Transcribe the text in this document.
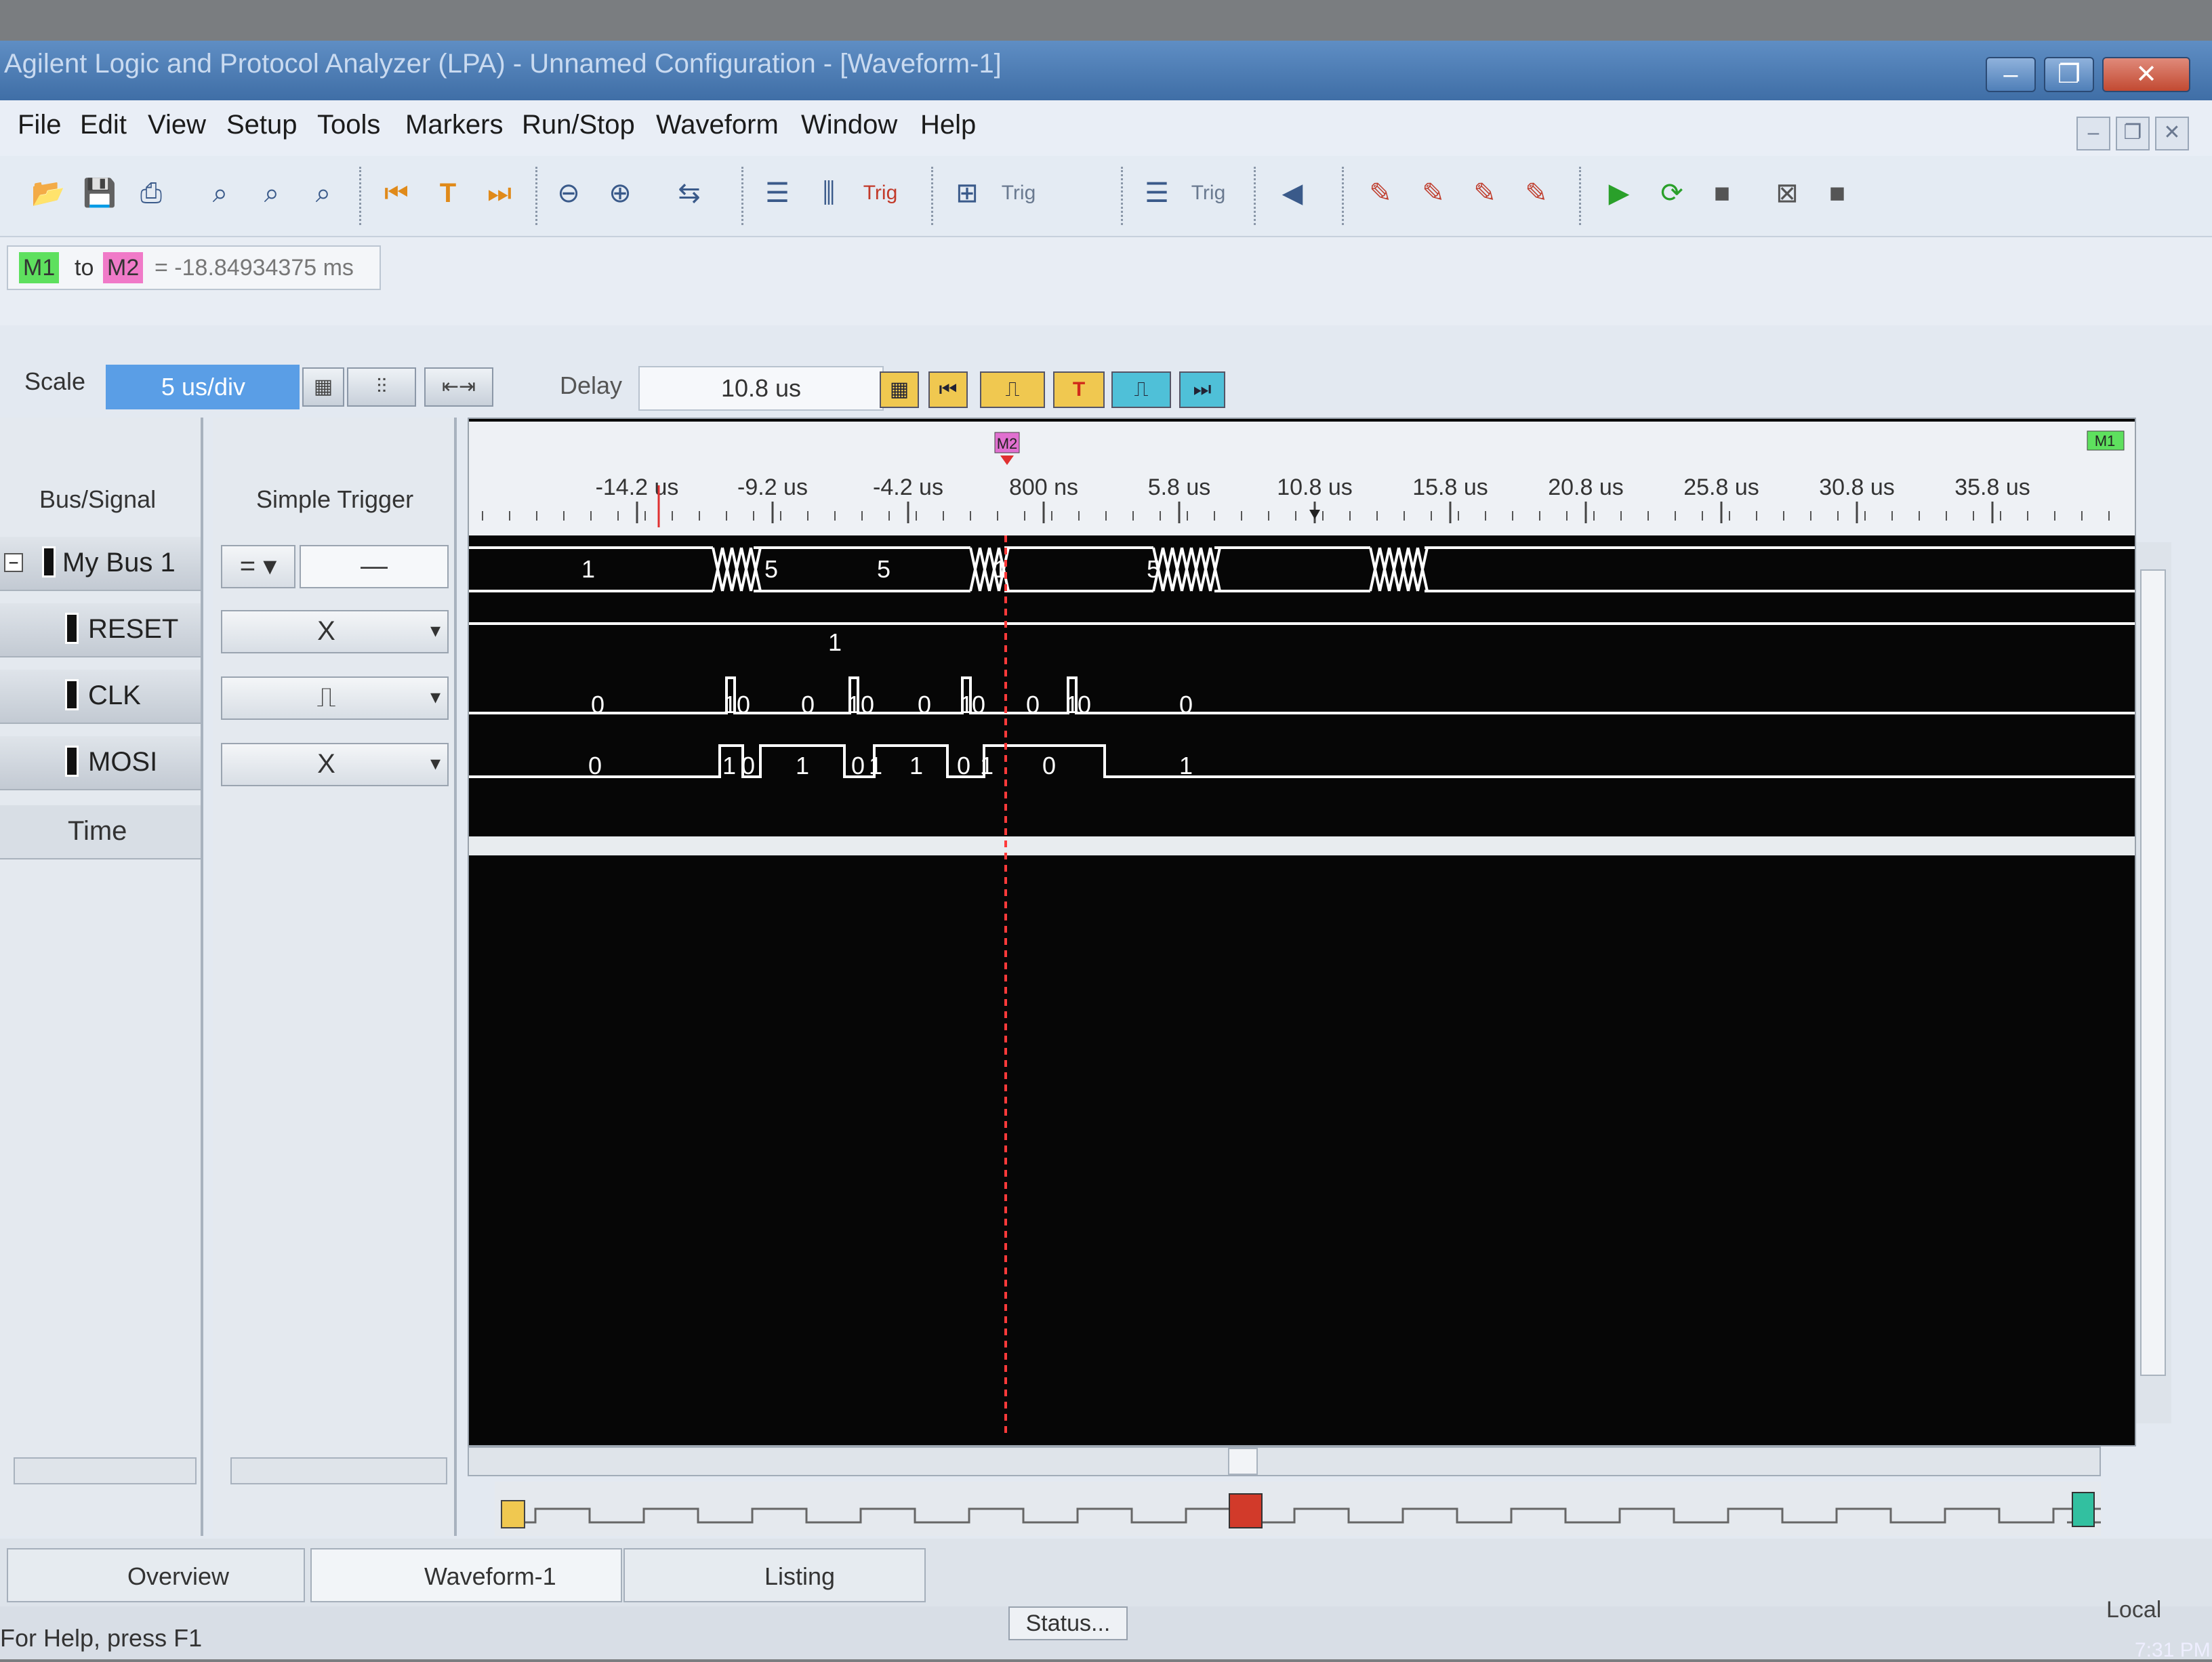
Agilent Logic and Protocol Analyzer (LPA) - Unnamed Configuration - [Waveform-1]	–	❐	✕
File Edit View Setup Tools Markers Run/Stop Waveform Window Help	–	❐	✕
📂 💾 ⎙	⌕	⌕	⌕	⏮	T	⏭ ⊖ ⊕ ⇆ ☰	⫼	Trig ⊞	Trig	☰	Trig ◀ ✎ ✎ ✎ ✎ ▶ ⟳	■	⊠	■
M1 to M2 = -18.84934375 ms
Scale	5 us/div	▦	⫶⫶	⇤⇥	Delay	10.8 us	▦	⏮	⎍	T	⎍	⏭
Bus/Signal
− My Bus 1
RESET
CLK
MOSI
Time
Simple Trigger
= ▾	—
X	▾
⎍	▾
X	▾
-14.2 us	-9.2 us	-4.2 us	800 ns	5.8 us	10.8 us	15.8 us	20.8 us	25.8 us	30.8 us	35.8 us
M2	M1
1	5	5	1	5
1
0	1 0 0 1 0 0 1
0 0 1
0	0
0	1 0 1 0 1 1 0 1 0	1
Overview	Waveform-1	Listing
For Help, press F1
Status...
Local
7:31 PM
